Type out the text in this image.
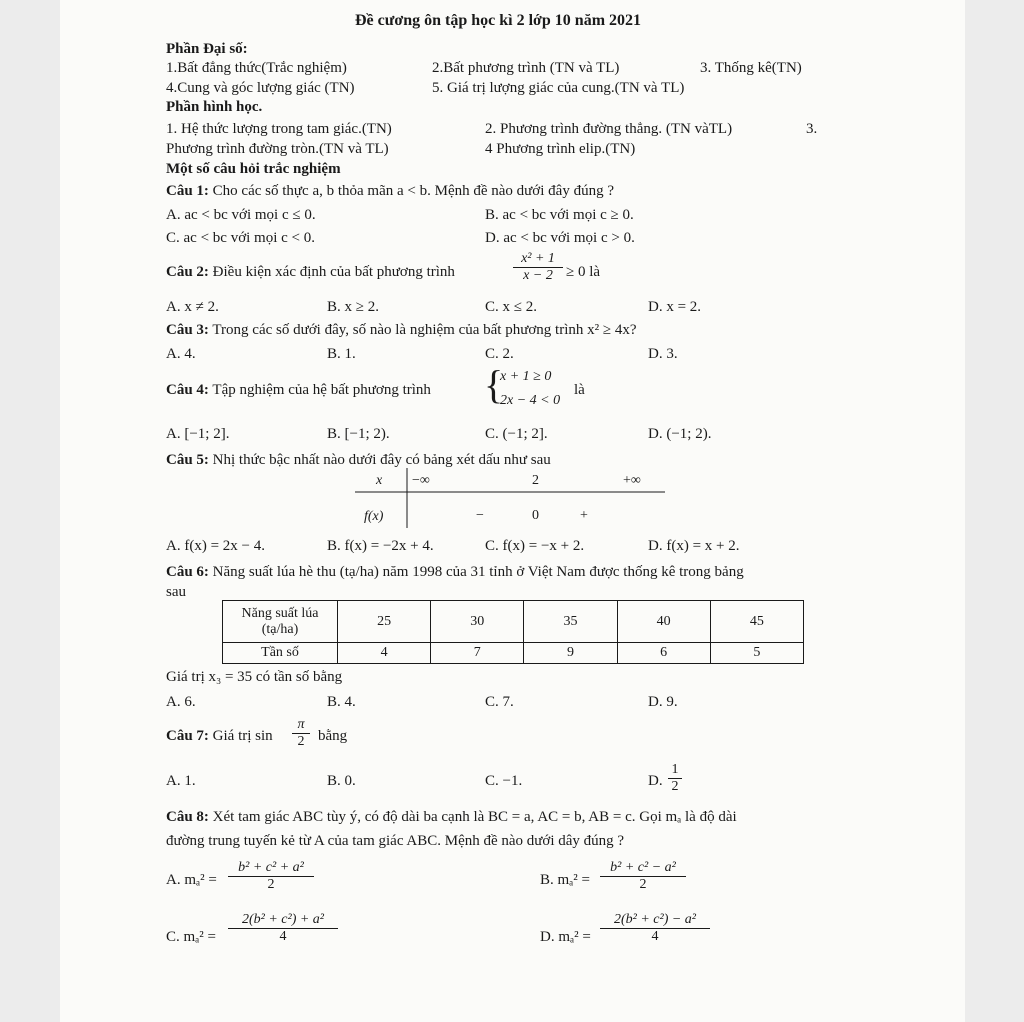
Đề cương ôn tập học kì 2 lớp 10 năm 2021
Phần Đại số:
1.Bất đẳng thức(Trắc nghiệm)	2.Bất phương trình (TN và TL)	3. Thống kê(TN)
4.Cung và góc lượng giác (TN)	5. Giá trị lượng giác của cung.(TN và TL)
Phần hình học.
1. Hệ thức lượng trong tam giác.(TN)	2. Phương trình đường thẳng. (TN vàTL)	3.
Phương trình đường tròn.(TN và TL)	4 Phương trình elip.(TN)
Một số câu hỏi trắc nghiệm
Câu 1: Cho các số thực a, b thỏa mãn a < b. Mệnh đề nào dưới đây đúng ?
A. ac < bc với mọi c ≤ 0.	B. ac < bc với mọi c ≥ 0.
C. ac < bc với mọi c < 0.	D. ac < bc với mọi c > 0.
Câu 2: Điều kiện xác định của bất phương trình	$\frac{\text{x² + 1}}{x - 2} \ge 0$ là
A. x ≠ 2.	B. x ≥ 2.	C. x ≤ 2.	D. x = 2.
Câu 3: Trong các số dưới đây, số nào là nghiệm của bất phương trình x² ≥ 4x?
A. 4.	B. 1.	C. 2.	D. 3.
Câu 4: Tập nghiệm của hệ bất phương trình {
x + 1 ≥ 0
2x − 4 < 0
là
A. [−1; 2].	B. [−1; 2).	C. (−1; 2].	D. (−1; 2).
Câu 5: Nhị thức bậc nhất nào dưới đây có bảng xét dấu như sau
x −∞	2	+∞
f(x)	−	0	+
A. f(x) = 2x − 4.	B. f(x) = −2x + 4.	C. f(x) = −x + 2.	D. f(x) = x + 2.
Câu 6: Năng suất lúa hè thu (tạ/ha) năm 1998 của 31 tỉnh ở Việt Nam được thống kê trong bảng
sau
Năng suất lúa (tạ/ha)	25	30	35	40	45
Tần số	4	7	9	6	5
Giá trị x₃ = 35 có tần số bằng
A. 6.	B. 4.	C. 7.	D. 9.
Câu 7: Giá trị $\sin \frac{\pi}{2}$ bằng
A. 1.	B. 0.	C. −1.	D. $\frac{1}{2}$
Câu 8: Xét tam giác ABC tùy ý, có độ dài ba cạnh là BC = a, AC = b, AB = c. Gọi mₐ là độ dài
đường trung tuyến kẻ từ A của tam giác ABC. Mệnh đề nào dưới dây đúng ?
A. $m_a^2 = \frac{\text{b² + c² + a²}}{2}$	B. $m_a^2 = \frac{\text{b² + c² − a²}}{2}$
C. $m_a^2 = \frac{\text{2(b² + c²) + a²}}{4}$	D. $m_a^2 = \frac{\text{2(b² + c²) − a²}}{4}$
